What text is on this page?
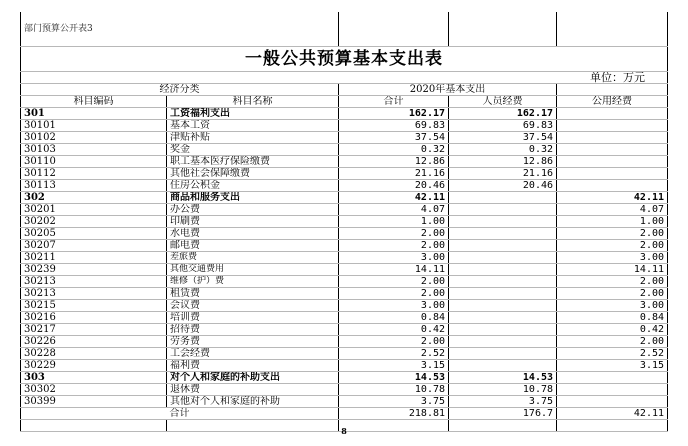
部门预算公开表3				
一般公共预算基本支出表				
单位：万元				
经济分类		2020年基本支出		
科目编码	科目名称	合计	人员经费	公用经费
301	工资福利支出	162.17	162.17	
30101	基本工资	69.83	69.83	
30102	津贴补贴	37.54	37.54	
30103	奖金	0.32	0.32	
30110	职工基本医疗保险缴费	12.86	12.86	
30112	其他社会保障缴费	21.16	21.16	
30113	住房公积金	20.46	20.46	
302	商品和服务支出	42.11		42.11
30201	办公费	4.07		4.07
30202	印刷费	1.00		1.00
30205	水电费	2.00		2.00
30207	邮电费	2.00		2.00
30211	差旅费	3.00		3.00
30239	其他交通费用	14.11		14.11
30213	维修（护）费	2.00		2.00
30213	租赁费	2.00		2.00
30215	会议费	3.00		3.00
30216	培训费	0.84		0.84
30217	招待费	0.42		0.42
30226	劳务费	2.00		2.00
30228	工会经费	2.52		2.52
30229	福利费	3.15		3.15
303	对个人和家庭的补助支出	14.53	14.53	
30302	退休费	10.78	10.78	
30399	其他对个人和家庭的补助	3.75	3.75	
合计		218.81	176.7	42.11

8
